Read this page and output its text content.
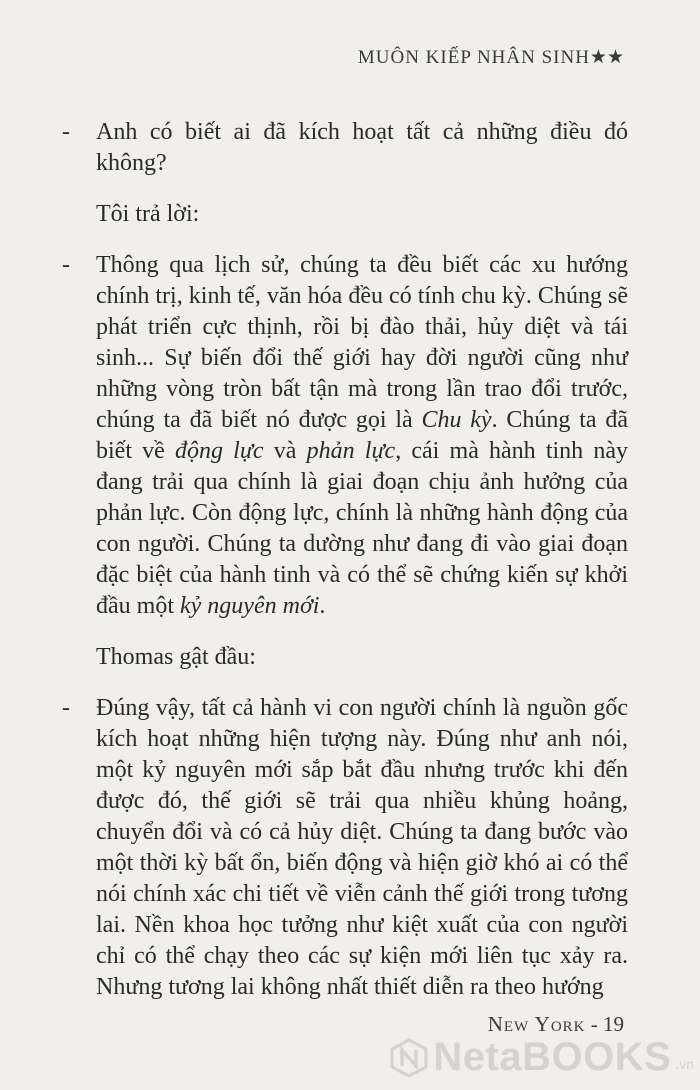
MUÔN KIẾP NHÂN SINH★★

- Anh có biết ai đã kích hoạt tất cả những điều đó không?

Tôi trả lời:

- Thông qua lịch sử, chúng ta đều biết các xu hướng chính trị, kinh tế, văn hóa đều có tính chu kỳ. Chúng sẽ phát triển cực thịnh, rồi bị đào thải, hủy diệt và tái sinh... Sự biến đổi thế giới hay đời người cũng như những vòng tròn bất tận mà trong lần trao đổi trước, chúng ta đã biết nó được gọi là Chu kỳ. Chúng ta đã biết về động lực và phản lực, cái mà hành tinh này đang trải qua chính là giai đoạn chịu ảnh hưởng của phản lực. Còn động lực, chính là những hành động của con người. Chúng ta dường như đang đi vào giai đoạn đặc biệt của hành tinh và có thể sẽ chứng kiến sự khởi đầu một kỷ nguyên mới.

Thomas gật đầu:

- Đúng vậy, tất cả hành vi con người chính là nguồn gốc kích hoạt những hiện tượng này. Đúng như anh nói, một kỷ nguyên mới sắp bắt đầu nhưng trước khi đến được đó, thế giới sẽ trải qua nhiều khủng hoảng, chuyển đổi và có cả hủy diệt. Chúng ta đang bước vào một thời kỳ bất ổn, biến động và hiện giờ khó ai có thể nói chính xác chi tiết về viễn cảnh thế giới trong tương lai. Nền khoa học tưởng như kiệt xuất của con người chỉ có thể chạy theo các sự kiện mới liên tục xảy ra. Nhưng tương lai không nhất thiết diễn ra theo hướng

New York - 19
NetaBOOKS .vn
